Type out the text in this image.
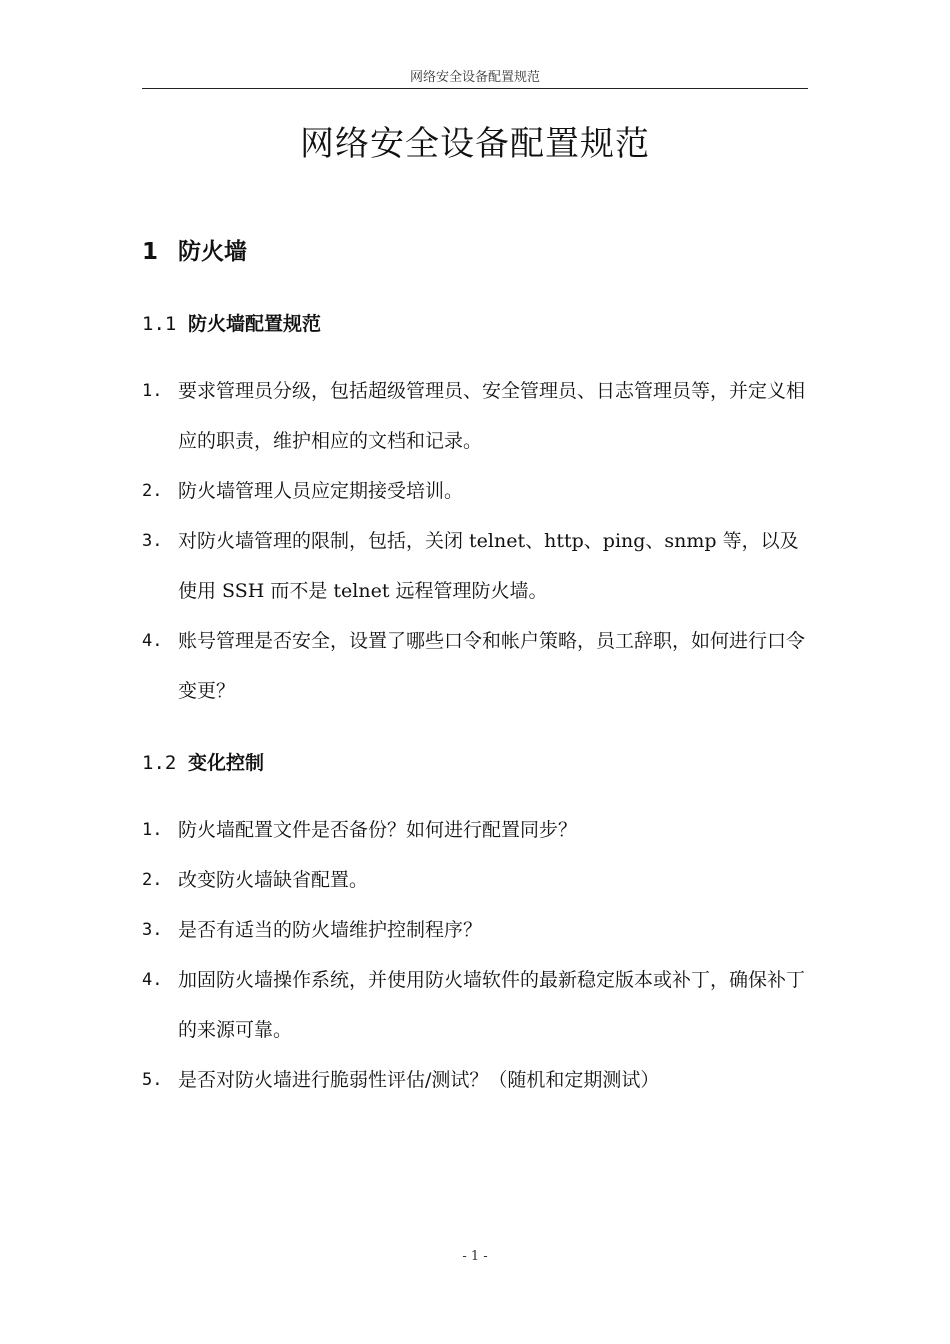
网络安全设备配置规范
网络安全设备配置规范
1 防火墙
1.1 防火墙配置规范
1. 要求管理员分级，包括超级管理员、安全管理员、日志管理员等，并定义相应的职责，维护相应的文档和记录。
2. 防火墙管理人员应定期接受培训。
3. 对防火墙管理的限制，包括，关闭 telnet、http、ping、snmp 等，以及使用 SSH 而不是 telnet 远程管理防火墙。
4. 账号管理是否安全，设置了哪些口令和帐户策略，员工辞职，如何进行口令变更？
1.2 变化控制
1. 防火墙配置文件是否备份？如何进行配置同步？
2. 改变防火墙缺省配置。
3. 是否有适当的防火墙维护控制程序？
4. 加固防火墙操作系统，并使用防火墙软件的最新稳定版本或补丁，确保补丁的来源可靠。
5. 是否对防火墙进行脆弱性评估/测试？（随机和定期测试）
- 1 -
